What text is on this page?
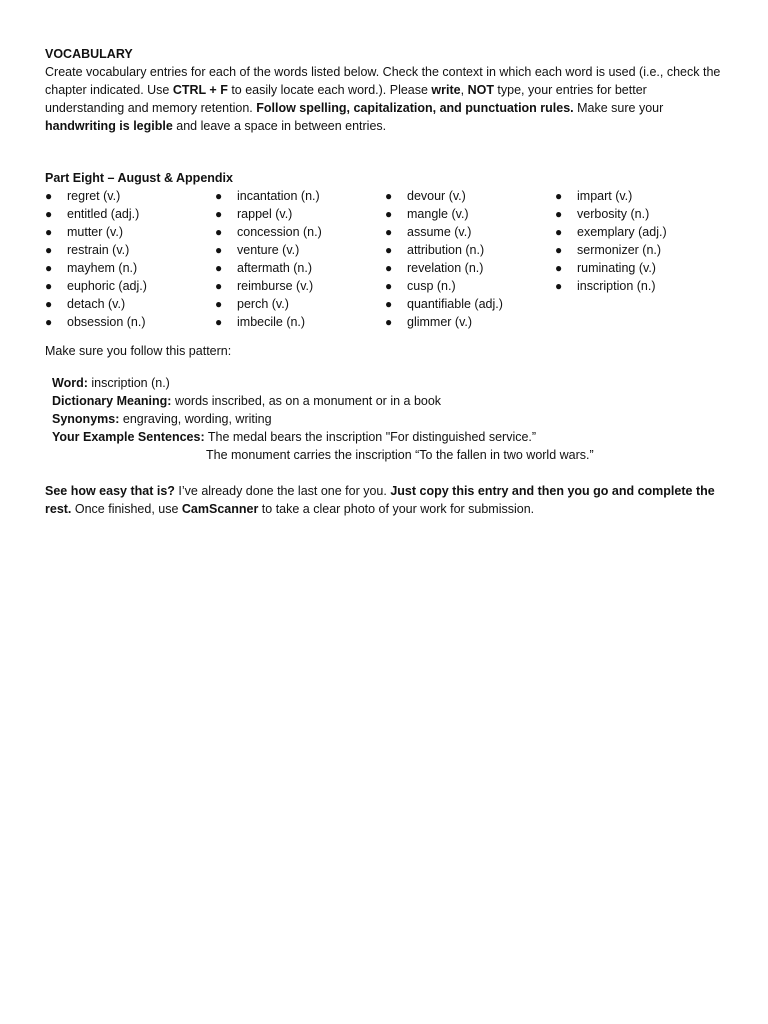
VOCABULARY

Create vocabulary entries for each of the words listed below. Check the context in which each word is used (i.e., check the chapter indicated. Use CTRL + F to easily locate each word.). Please write, NOT type, your entries for better understanding and memory retention. Follow spelling, capitalization, and punctuation rules. Make sure your handwriting is legible and leave a space in between entries.

Part Eight – August & Appendix
●	regret (v.)
●	entitled (adj.)
●	mutter (v.)
●	restrain (v.)
●	mayhem (n.)
●	euphoric (adj.)
●	detach (v.)
●	obsession (n.)
●	incantation (n.)
●	rappel (v.)
●	concession (n.)
●	venture (v.)
●	aftermath (n.)
●	reimburse (v.)
●	perch (v.)
●	imbecile (n.)
●	devour (v.)
●	mangle (v.)
●	assume (v.)
●	attribution (n.)
●	revelation (n.)
●	cusp (n.)
●	quantifiable (adj.)
●	glimmer (v.)
●	impart (v.)
●	verbosity (n.)
●	exemplary (adj.)
●	sermonizer (n.)
●	ruminating (v.)
●	inscription (n.)
Make sure you follow this pattern:
Word: inscription (n.)
Dictionary Meaning: words inscribed, as on a monument or in a book
Synonyms: engraving, wording, writing
Your Example Sentences: The medal bears the inscription "For distinguished service.”
The monument carries the inscription “To the fallen in two world wars.”

See how easy that is? I’ve already done the last one for you. Just copy this entry and then you go and complete the rest. Once finished, use CamScanner to take a clear photo of your work for submission.
